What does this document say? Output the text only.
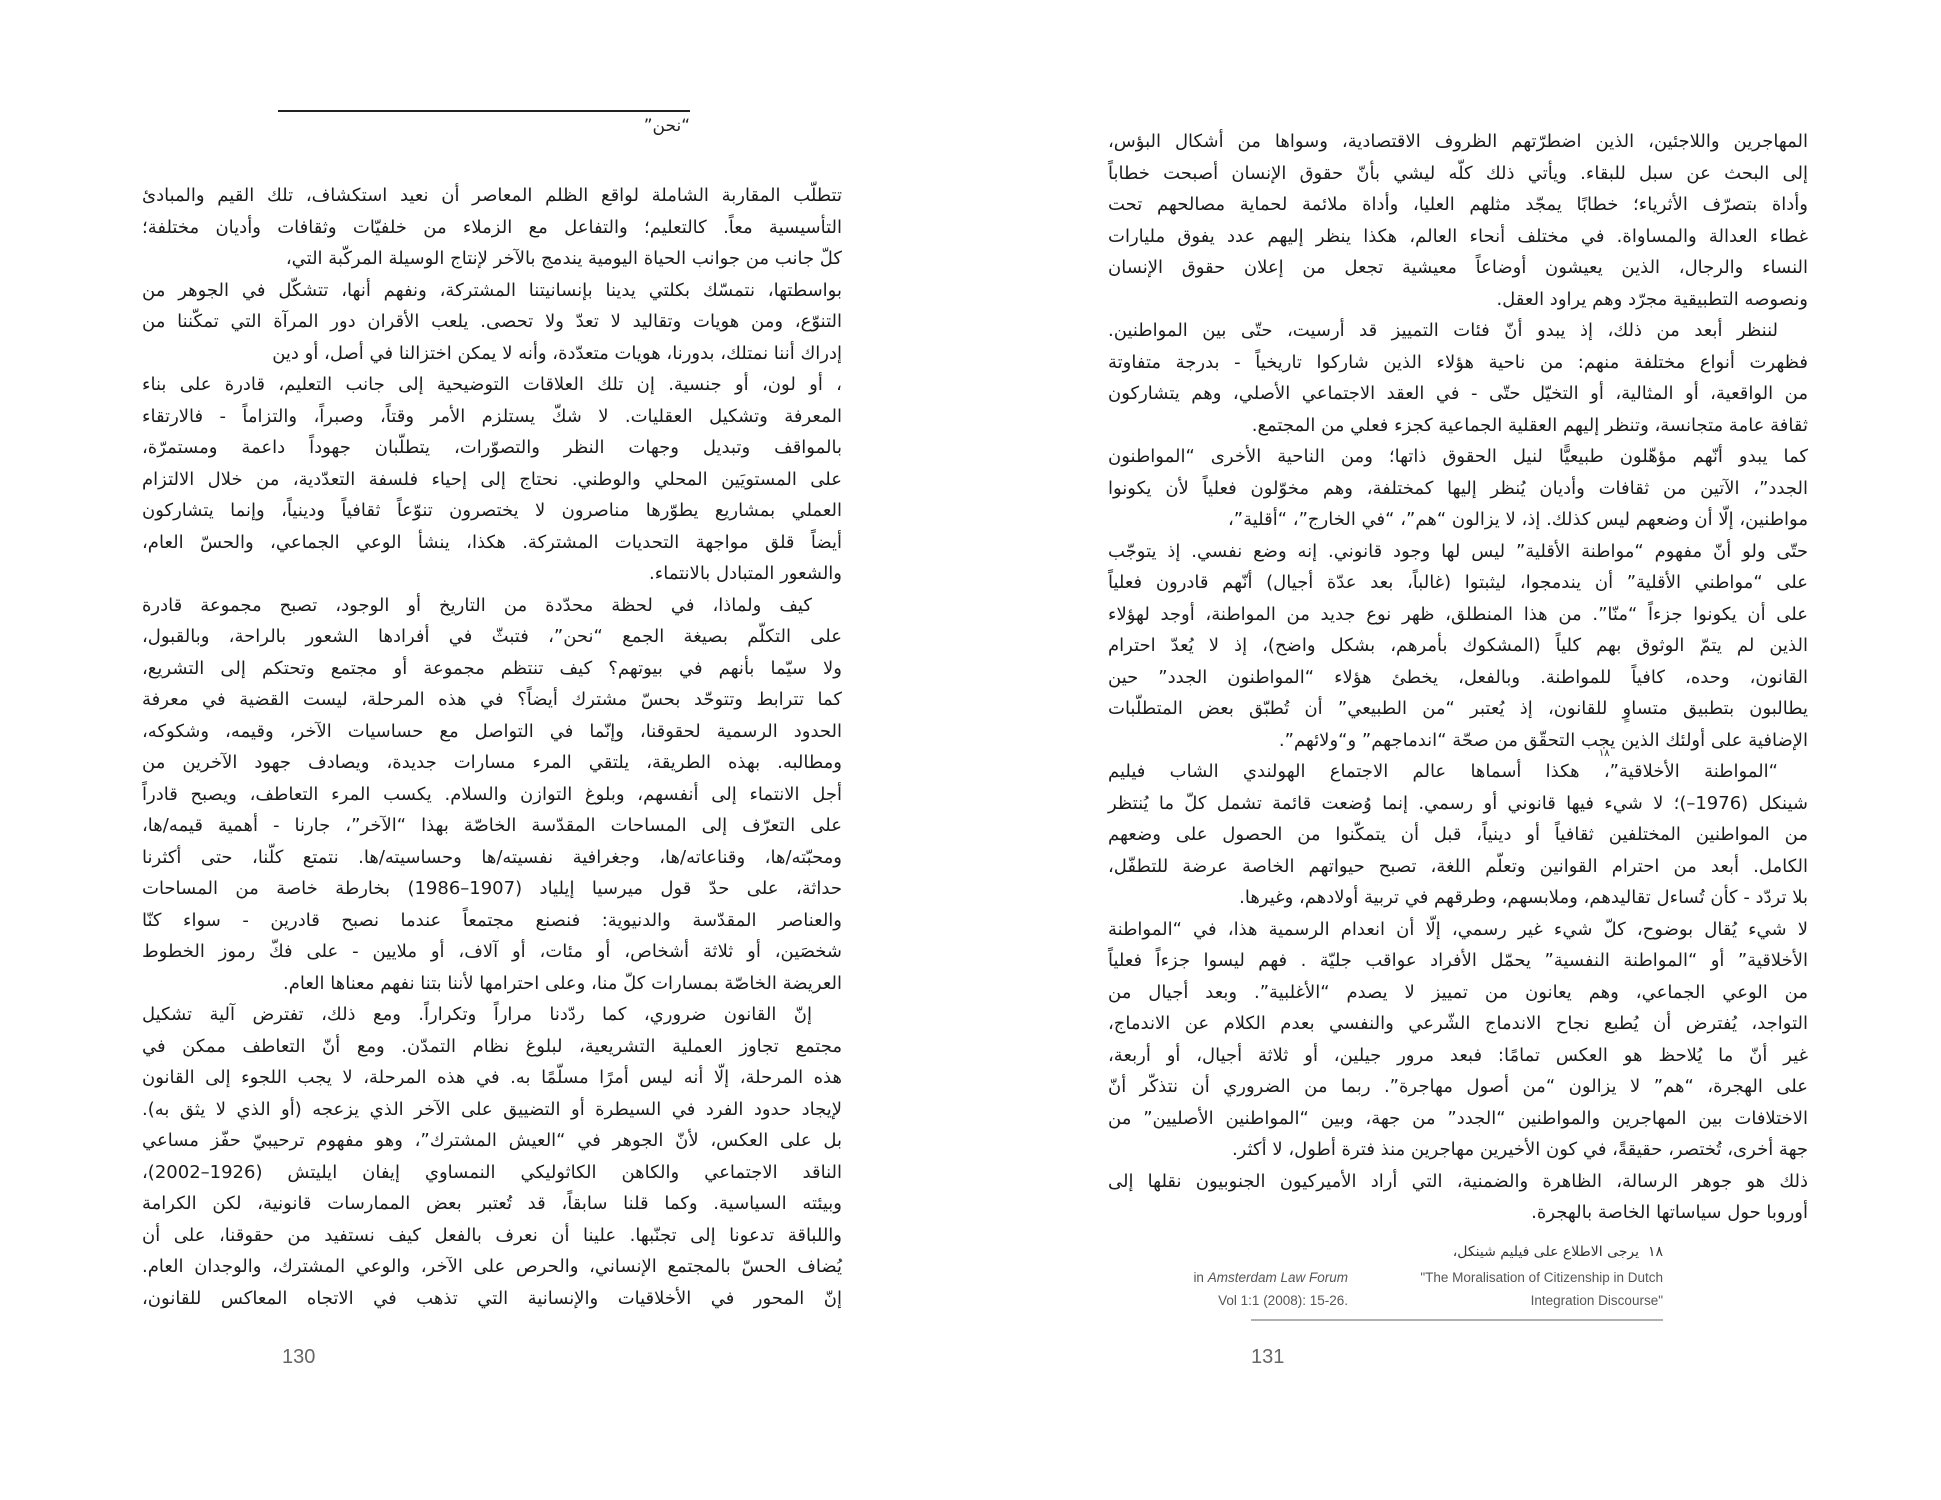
“نحن”
تتطلّب المقاربة الشاملة لواقع الظلم المعاصر أن نعيد استكشاف، تلك القيم والمبادئ
التأسيسية معاً. كالتعليم؛ والتفاعل مع الزملاء من خلفيّات وثقافات وأديان مختلفة؛
كلّ جانب من جوانب الحياة اليومية يندمج بالآخر لإنتاج الوسيلة المركّبة التي،
بواسطتها، نتمسّك بكلتي يدينا بإنسانيتنا المشتركة، ونفهم أنها، تتشكّل في الجوهر من
التنوّع، ومن هويات وتقاليد لا تعدّ ولا تحصى. يلعب الأقران دور المرآة التي تمكّننا من
إدراك أننا نمتلك، بدورنا، هويات متعدّدة، وأنه لا يمكن اختزالنا في أصل، أو دين
، أو لون، أو جنسية. إن تلك العلاقات التوضيحية إلى جانب التعليم، قادرة على بناء
المعرفة وتشكيل العقليات. لا شكّ يستلزم الأمر وقتاً، وصبراً، والتزاماً - فالارتقاء
بالمواقف وتبديل وجهات النظر والتصوّرات، يتطلّبان جهوداً داعمة ومستمرّة،
على المستويَين المحلي والوطني. نحتاج إلى إحياء فلسفة التعدّدية، من خلال الالتزام
العملي بمشاريع يطوّرها مناصرون لا يختصرون تنوّعاً ثقافياً ودينياً، وإنما يتشاركون
أيضاً قلق مواجهة التحديات المشتركة. هكذا، ينشأ الوعي الجماعي، والحسّ العام،
والشعور المتبادل بالانتماء.
كيف ولماذا، في لحظة محدّدة من التاريخ أو الوجود، تصبح مجموعة قادرة
على التكلّم بصيغة الجمع “نحن”، فتبثّ في أفرادها الشعور بالراحة، وبالقبول،
ولا سيّما بأنهم في بيوتهم؟ كيف تنتظم مجموعة أو مجتمع وتحتكم إلى التشريع،
كما تترابط وتتوحّد بحسّ مشترك أيضاً؟ في هذه المرحلة، ليست القضية في معرفة
الحدود الرسمية لحقوقنا، وإنّما في التواصل مع حساسيات الآخر، وقيمه، وشكوكه،
ومطالبه. بهذه الطريقة، يلتقي المرء مسارات جديدة، ويصادف جهود الآخرين من
أجل الانتماء إلى أنفسهم، وبلوغ التوازن والسلام. يكسب المرء التعاطف، ويصبح قادراً
على التعرّف إلى المساحات المقدّسة الخاصّة بهذا “الآخر”، جارنا - أهمية قيمه/ها،
ومحبّته/ها، وقناعاته/ها، وجغرافية نفسيته/ها وحساسيته/ها. نتمتع كلّنا، حتى أكثرنا
حداثة، على حدّ قول ميرسيا إيلياد (1907–1986) بخارطة خاصة من المساحات
والعناصر المقدّسة والدنيوية: فنصنع مجتمعاً عندما نصبح قادرين - سواء كنّا
شخصَين، أو ثلاثة أشخاص، أو مئات، أو آلاف، أو ملايين - على فكّ رموز الخطوط
العريضة الخاصّة بمسارات كلّ منا، وعلى احترامها لأننا بتنا نفهم معناها العام.
إنّ القانون ضروري، كما ردّدنا مراراً وتكراراً. ومع ذلك، تفترض آلية تشكيل
مجتمع تجاوز العملية التشريعية، لبلوغ نظام التمدّن. ومع أنّ التعاطف ممكن في
هذه المرحلة، إلّا أنه ليس أمرًا مسلّمًا به. في هذه المرحلة، لا يجب اللجوء إلى القانون
لإيجاد حدود الفرد في السيطرة أو التضييق على الآخر الذي يزعجه (أو الذي لا يثق به).
بل على العكس، لأنّ الجوهر في “العيش المشترك”، وهو مفهوم ترحيبيّ حفّز مساعي
الناقد الاجتماعي والكاهن الكاثوليكي النمساوي إيفان ايليتش (1926–2002)،
وبيئته السياسية. وكما قلنا سابقاً، قد تُعتبر بعض الممارسات قانونية، لكن الكرامة
واللباقة تدعونا إلى تجنّبها. علينا أن نعرف بالفعل كيف نستفيد من حقوقنا، على أن
يُضاف الحسّ بالمجتمع الإنساني، والحرص على الآخر، والوعي المشترك، والوجدان العام.
إنّ المحور في الأخلاقيات والإنسانية التي تذهب في الاتجاه المعاكس للقانون،
130
المهاجرين واللاجئين، الذين اضطرّتهم الظروف الاقتصادية، وسواها من أشكال البؤس،
إلى البحث عن سبل للبقاء. ويأتي ذلك كلّه ليشي بأنّ حقوق الإنسان أصبحت خطاباً
وأداة بتصرّف الأثرياء؛ خطابًا يمجّد مثلهم العليا، وأداة ملائمة لحماية مصالحهم تحت
غطاء العدالة والمساواة. في مختلف أنحاء العالم، هكذا ينظر إليهم عدد يفوق مليارات
النساء والرجال، الذين يعيشون أوضاعاً معيشية تجعل من إعلان حقوق الإنسان
ونصوصه التطبيقية مجرّد وهم يراود العقل.
لننظر أبعد من ذلك، إذ يبدو أنّ فئات التمييز قد أرسيت، حتّى بين المواطنين.
فظهرت أنواع مختلفة منهم: من ناحية هؤلاء الذين شاركوا تاريخياً - بدرجة متفاوتة
من الواقعية، أو المثالية، أو التخيّل حتّى - في العقد الاجتماعي الأصلي، وهم يتشاركون
ثقافة عامة متجانسة، وتنظر إليهم العقلية الجماعية كجزء فعلي من المجتمع.
كما يبدو أنّهم مؤهّلون طبيعيًّا لنيل الحقوق ذاتها؛ ومن الناحية الأخرى “المواطنون
الجدد”، الآتين من ثقافات وأديان يُنظر إليها كمختلفة، وهم مخوّلون فعلياً لأن يكونوا
مواطنين، إلّا أن وضعهم ليس كذلك. إذ، لا يزالون “هم”، “في الخارج”، “أقلية”،
حتّى ولو أنّ مفهوم “مواطنة الأقلية” ليس لها وجود قانوني. إنه وضع نفسي. إذ يتوجّب
على “مواطني الأقلية” أن يندمجوا، ليثبتوا (غالباً، بعد عدّة أجيال) أنّهم قادرون فعلياً
على أن يكونوا جزءاً “منّا”. من هذا المنطلق، ظهر نوع جديد من المواطنة، أوجد لهؤلاء
الذين لم يتمّ الوثوق بهم كلياً (المشكوك بأمرهم، بشكل واضح)، إذ لا يُعدّ احترام
القانون، وحده، كافياً للمواطنة. وبالفعل، يخطئ هؤلاء “المواطنون الجدد” حين
يطالبون بتطبيق متساوٍ للقانون، إذ يُعتبر “من الطبيعي” أن تُطبّق بعض المتطلّبات
الإضافية على أولئك الذين يجب التحقّق من صحّة “اندماجهم” و“ولائهم”.
“المواطنة الأخلاقية”، هكذا أسماها عالم الاجتماع الهولندي الشاب فيليم
١٨
شينكل (1976–)؛ لا شيء فيها قانوني أو رسمي. إنما وُضعت قائمة تشمل كلّ ما يُنتظر
من المواطنين المختلفين ثقافياً أو دينياً، قبل أن يتمكّنوا من الحصول على وضعهم
الكامل. أبعد من احترام القوانين وتعلّم اللغة، تصبح حيواتهم الخاصة عرضة للتطفّل،
بلا تردّد - كأن تُساءل تقاليدهم، وملابسهم، وطرقهم في تربية أولادهم، وغيرها.
لا شيء يُقال بوضوح، كلّ شيء غير رسمي، إلّا أن انعدام الرسمية هذا، في “المواطنة
الأخلاقية” أو “المواطنة النفسية” يحمّل الأفراد عواقب جليّة . فهم ليسوا جزءاً فعلياً
من الوعي الجماعي، وهم يعانون من تمييز لا يصدم “الأغلبية”. وبعد أجيال من
التواجد، يُفترض أن يُطبع نجاح الاندماج الشّرعي والنفسي بعدم الكلام عن الاندماج،
غير أنّ ما يُلاحظ هو العكس تمامًا: فبعد مرور جيلين، أو ثلاثة أجيال، أو أربعة،
على الهجرة، “هم” لا يزالون “من أصول مهاجرة”. ربما من الضروري أن نتذكّر أنّ
الاختلافات بين المهاجرين والمواطنين “الجدد” من جهة، وبين “المواطنين الأصليين” من
جهة أخرى، تُختصر، حقيقةً، في كون الأخيرين مهاجرين منذ فترة أطول، لا أكثر.
ذلك هو جوهر الرسالة، الظاهرة والضمنية، التي أراد الأميركيون الجنوبيون نقلها إلى
أوروبا حول سياساتها الخاصة بالهجرة.
١٨  يرجى الاطلاع على فيليم شينكل،
"The Moralisation of Citizenship in Dutch
Integration Discourse"
in Amsterdam Law Forum
Vol 1:1 (2008): 15-26.
131
